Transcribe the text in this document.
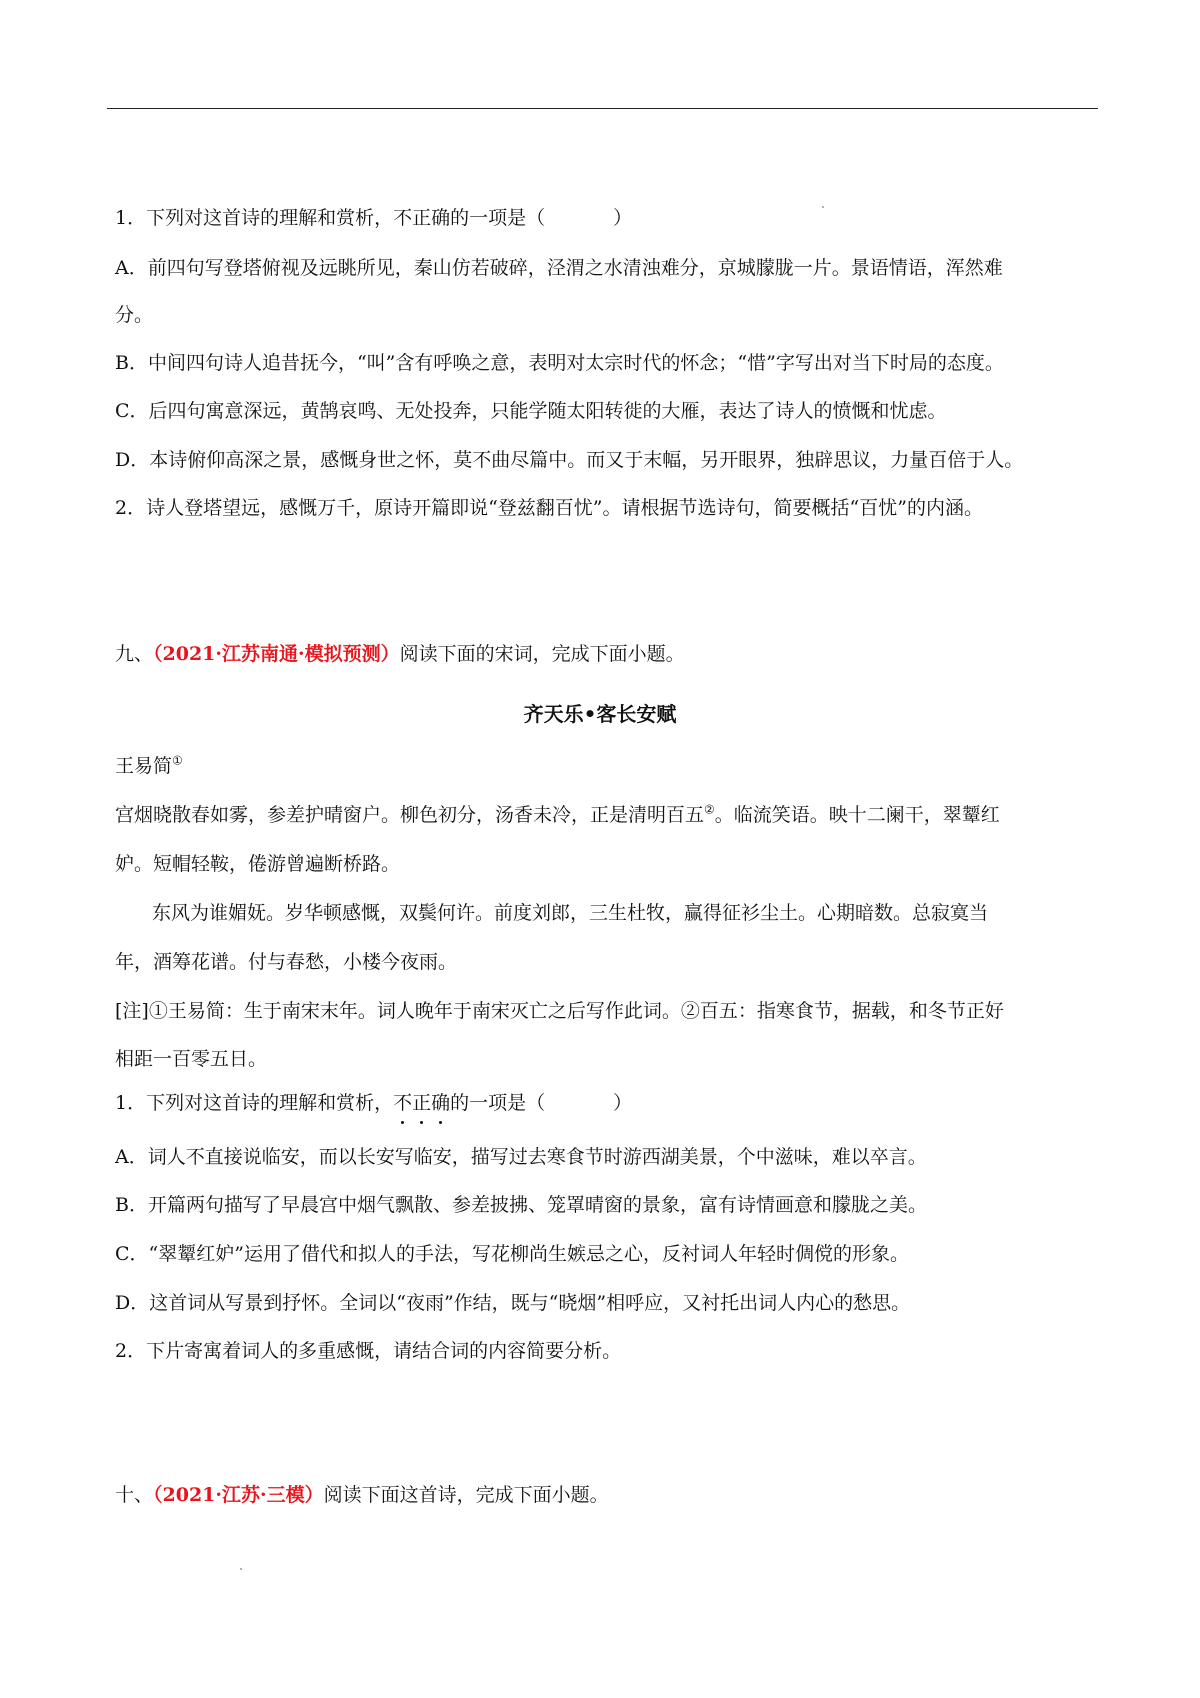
1．下列对这首诗的理解和赏析，不正确的一项是（	）
A．前四句写登塔俯视及远眺所见，秦山仿若破碎，泾渭之水清浊难分，京城朦胧一片。景语情语，浑然难
分。
B．中间四句诗人追昔抚今，“叫”含有呼唤之意，表明对太宗时代的怀念；“惜”字写出对当下时局的态度。
C．后四句寓意深远，黄鹄哀鸣、无处投奔，只能学随太阳转徙的大雁，表达了诗人的愤慨和忧虑。
D．本诗俯仰高深之景，感慨身世之怀，莫不曲尽篇中。而又于末幅，另开眼界，独辟思议，力量百倍于人。
2．诗人登塔望远，感慨万千，原诗开篇即说“登兹翻百忧”。请根据节选诗句，简要概括“百忧”的内涵。
九、（2021·江苏南通·模拟预测）阅读下面的宋词，完成下面小题。
齐天乐•客长安赋
王易简①
宫烟晓散春如雾，参差护晴窗户。柳色初分，汤香未冷，正是清明百五②。临流笑语。映十二阑干，翠颦红
妒。短帽轻鞍，倦游曾遍断桥路。
东风为谁媚妩。岁华顿感慨，双鬓何许。前度刘郎，三生杜牧，赢得征衫尘土。心期暗数。总寂寞当
年，酒筹花谱。付与春愁，小楼今夜雨。
[注]①王易简：生于南宋末年。词人晚年于南宋灭亡之后写作此词。②百五：指寒食节，据载，和冬节正好
相距一百零五日。
1．下列对这首诗的理解和赏析，不正确的一项是（	）
A．词人不直接说临安，而以长安写临安，描写过去寒食节时游西湖美景，个中滋味，难以卒言。
B．开篇两句描写了早晨宫中烟气飘散、参差披拂、笼罩晴窗的景象，富有诗情画意和朦胧之美。
C．“翠颦红妒”运用了借代和拟人的手法，写花柳尚生嫉忌之心，反衬词人年轻时倜傥的形象。
D．这首词从写景到抒怀。全词以“夜雨”作结，既与“晓烟”相呼应，又衬托出词人内心的愁思。
2．下片寄寓着词人的多重感慨，请结合词的内容简要分析。
十、（2021·江苏·三模）阅读下面这首诗，完成下面小题。
